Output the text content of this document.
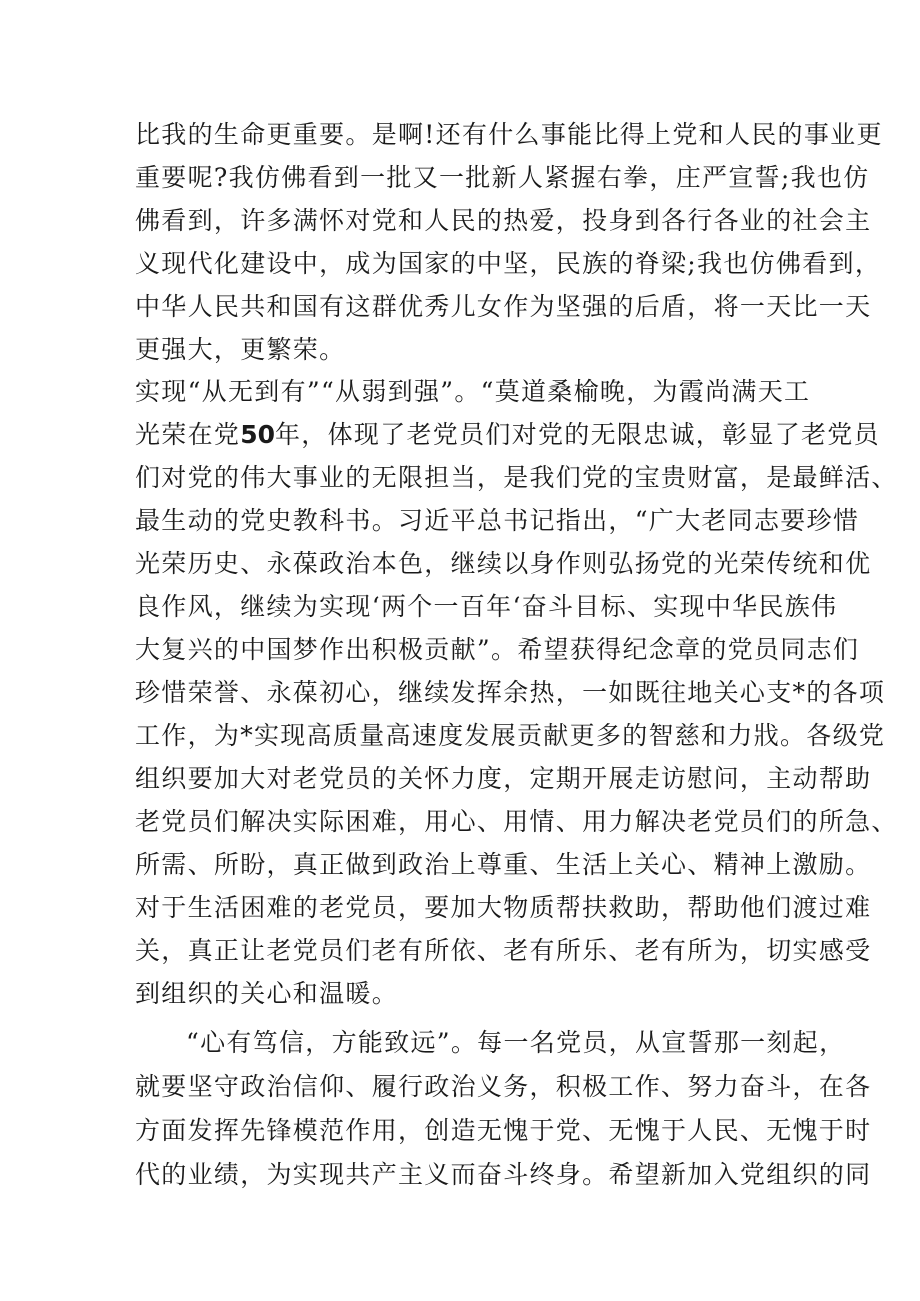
比我的生命更重要。是啊!还有什么事能比得上党和人民的事业更
重要呢?我仿佛看到一批又一批新人紧握右拳，庄严宣誓;我也仿
佛看到，许多满怀对党和人民的热爱，投身到各行各业的社会主
义现代化建设中，成为国家的中坚，民族的脊梁;我也仿佛看到，
中华人民共和国有这群优秀儿女作为坚强的后盾，将一天比一天
更强大，更繁荣。
实现“从无到有”“从弱到强”。“莫道桑榆晚，为霞尚满天工
光荣在党50年，体现了老党员们对党的无限忠诚，彰显了老党员
们对党的伟大事业的无限担当，是我们党的宝贵财富，是最鲜活、
最生动的党史教科书。习近平总书记指出，“广大老同志要珍惜
光荣历史、永葆政治本色，继续以身作则弘扬党的光荣传统和优
良作风，继续为实现‘两个一百年‘奋斗目标、实现中华民族伟
大复兴的中国梦作出积极贡献”。希望获得纪念章的党员同志们
珍惜荣誉、永葆初心，继续发挥余热，一如既往地关心支*的各项
工作，为*实现高质量高速度发展贡献更多的智慈和力戕。各级党
组织要加大对老党员的关怀力度，定期开展走访慰问，主动帮助
老党员们解决实际困难，用心、用情、用力解决老党员们的所急、
所需、所盼，真正做到政治上尊重、生活上关心、精神上激励。
对于生活困难的老党员，要加大物质帮扶救助，帮助他们渡过难
关，真正让老党员们老有所依、老有所乐、老有所为，切实感受
到组织的关心和温暖。
“心有笃信，方能致远”。每一名党员，从宣誓那一刻起，
就要坚守政治信仰、履行政治义务，积极工作、努力奋斗，在各
方面发挥先锋模范作用，创造无愧于党、无愧于人民、无愧于时
代的业绩，为实现共产主义而奋斗终身。希望新加入党组织的同
